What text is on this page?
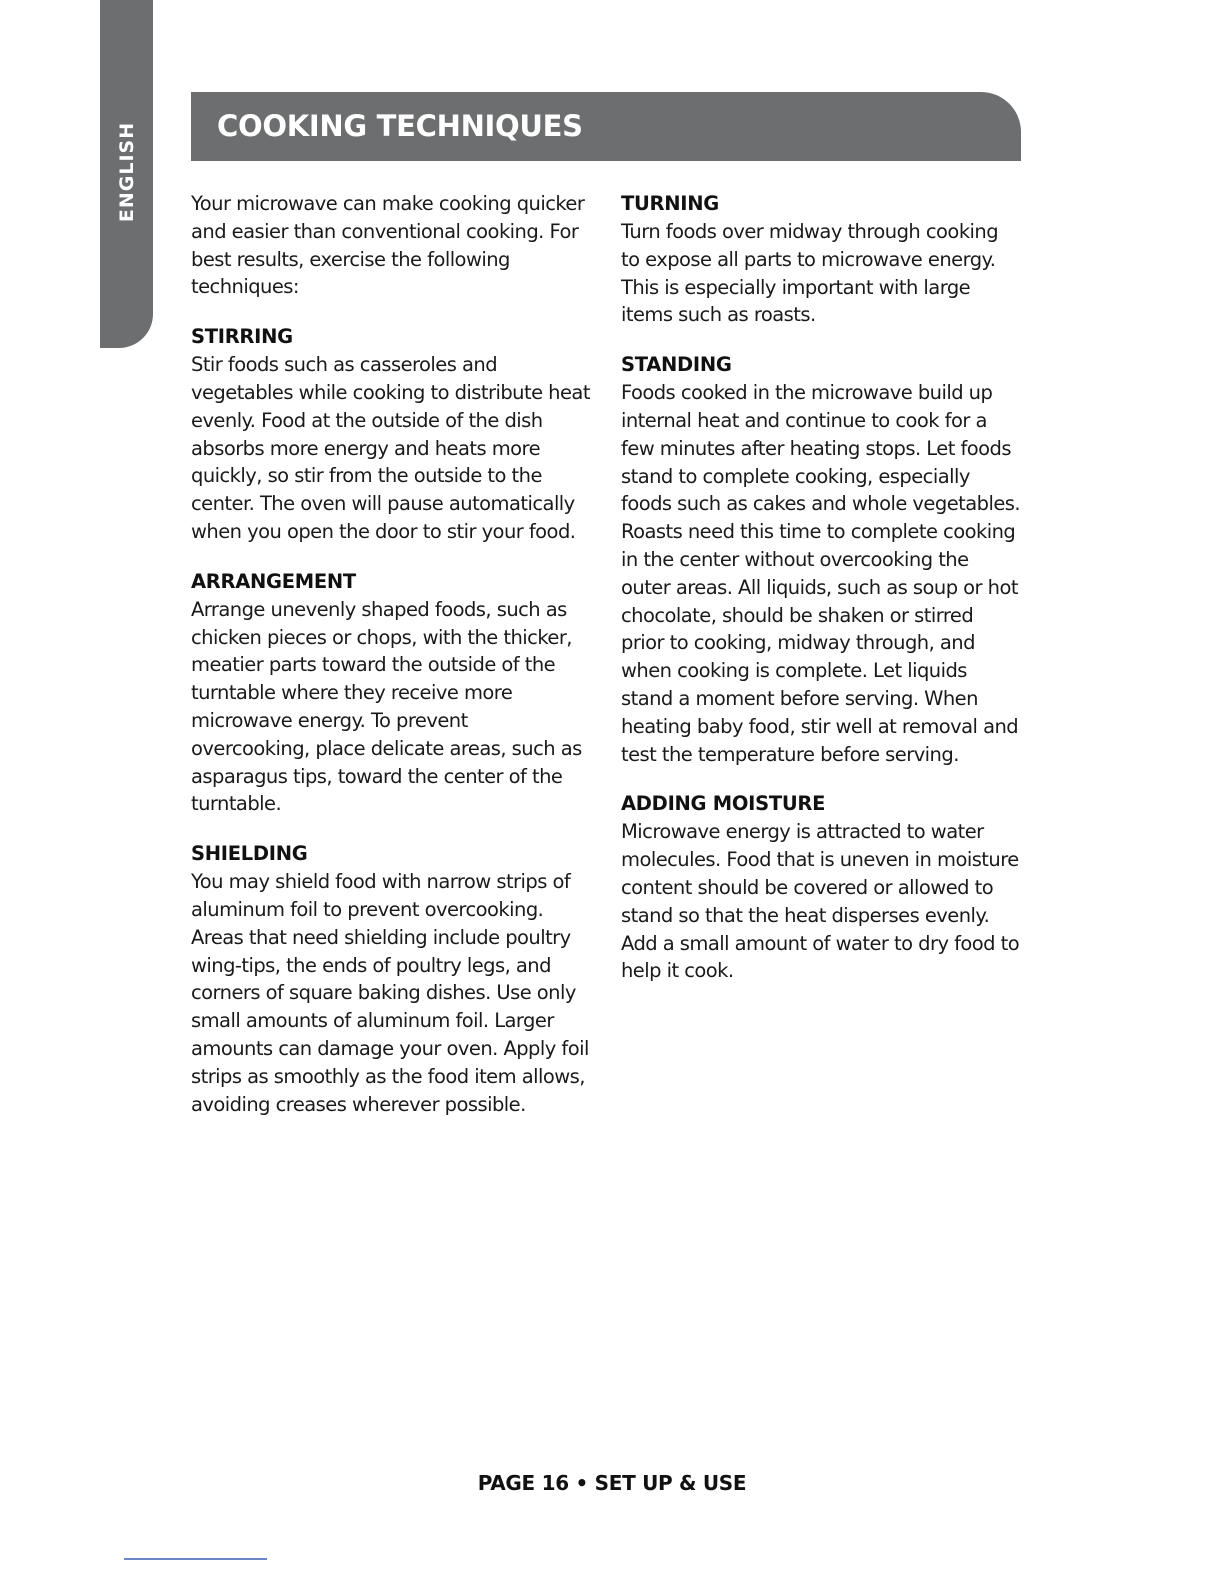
ENGLISH	COOKING TECHNIQUES

Your microwave can make cooking quicker and easier than conventional cooking. For best results, exercise the following techniques:

STIRRING

Stir foods such as casseroles and vegetables while cooking to distribute heat evenly. Food at the outside of the dish absorbs more energy and heats more quickly, so stir from the outside to the center. The oven will pause automatically when you open the door to stir your food.

ARRANGEMENT

Arrange unevenly shaped foods, such as chicken pieces or chops, with the thicker, meatier parts toward the outside of the turntable where they receive more microwave energy. To prevent overcooking, place delicate areas, such as asparagus tips, toward the center of the turntable.

SHIELDING

You may shield food with narrow strips of aluminum foil to prevent overcooking. Areas that need shielding include poultry wing-tips, the ends of poultry legs, and corners of square baking dishes. Use only small amounts of aluminum foil. Larger amounts can damage your oven. Apply foil strips as smoothly as the food item allows, avoiding creases wherever possible.

TURNING

Turn foods over midway through cooking to expose all parts to microwave energy. This is especially important with large items such as roasts.

STANDING

Foods cooked in the microwave build up internal heat and continue to cook for a few minutes after heating stops. Let foods stand to complete cooking, especially foods such as cakes and whole vegetables. Roasts need this time to complete cooking in the center without overcooking the outer areas. All liquids, such as soup or hot chocolate, should be shaken or stirred prior to cooking, midway through, and when cooking is complete. Let liquids stand a moment before serving. When heating baby food, stir well at removal and test the temperature before serving.

ADDING MOISTURE

Microwave energy is attracted to water molecules. Food that is uneven in moisture content should be covered or allowed to stand so that the heat disperses evenly. Add a small amount of water to dry food to help it cook.

PAGE 16 • SET UP & USE
